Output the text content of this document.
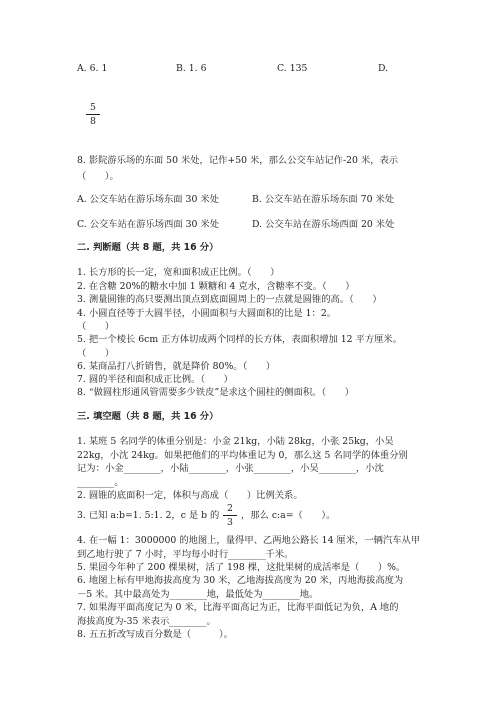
A. 6. 1	B. 1. 6	C. 135	D.
5
8
8. 影院游乐场的东面 50 米处，记作+50 米，那么公交车站记作-20 米，表示
（　　）。
A. 公交车站在游乐场东面 30 米处	B. 公交车站在游乐场东面 70 米处
C. 公交车站在游乐场西面 30 米处	D. 公交车站在游乐场西面 20 米处
二. 判断题（共 8 题，共 16 分）
1. 长方形的长一定，宽和面积成正比例。（　　）
2. 在含糖 20%的糖水中加 1 颗糖和 4 克水，含糖率不变。（　　）
3. 测量圆锥的高只要测出顶点到底面圆周上的一点就是圆锥的高。（　　）
4. 小圆直径等于大圆半径，小圆面积与大圆面积的比是 1：2。
（　　）
5. 把一个棱长 6cm 正方体切成两个同样的长方体，表面积增加 12 平方厘米。
（　　）
6. 某商品打八折销售，就是降价 80%。（　　）
7. 圆的半径和面积成正比例。（　　）
8. “做圆柱形通风管需要多少铁皮”是求这个圆柱的侧面积。（　　）
三. 填空题（共 8 题，共 16 分）
1. 某班 5 名同学的体重分别是：小金 21kg，小陆 28kg，小张 25kg，小吴
22kg，小沈 24kg。如果把他们的平均体重记为 0，那么这 5 名同学的体重分别
记为：小金________，小陆________，小张________，小吴________，小沈
________。
2. 圆锥的底面积一定，体积与高成（　　）比例关系。
3. 已知 a:b=1. 5:1. 2，c 是 b 的
2
3
，那么 c:a=（　　）。
4. 在一幅 1：3000000 的地图上，量得甲、乙两地公路长 14 厘米，一辆汽车从甲
到乙地行驶了 7 小时，平均每小时行________千米。
5. 果园今年种了 200 棵果树，活了 198 棵，这批果树的成活率是（　　）%。
6. 地图上标有甲地海拔高度为 30 米，乙地海拔高度为 20 米，丙地海拔高度为
－5 米。其中最高处为________地，最低处为________地。
7. 如果海平面高度记为 0 米，比海平面高记为正，比海平面低记为负，A 地的
海拔高度为-35 米表示________。
8. 五五折改写成百分数是（　　　）。
